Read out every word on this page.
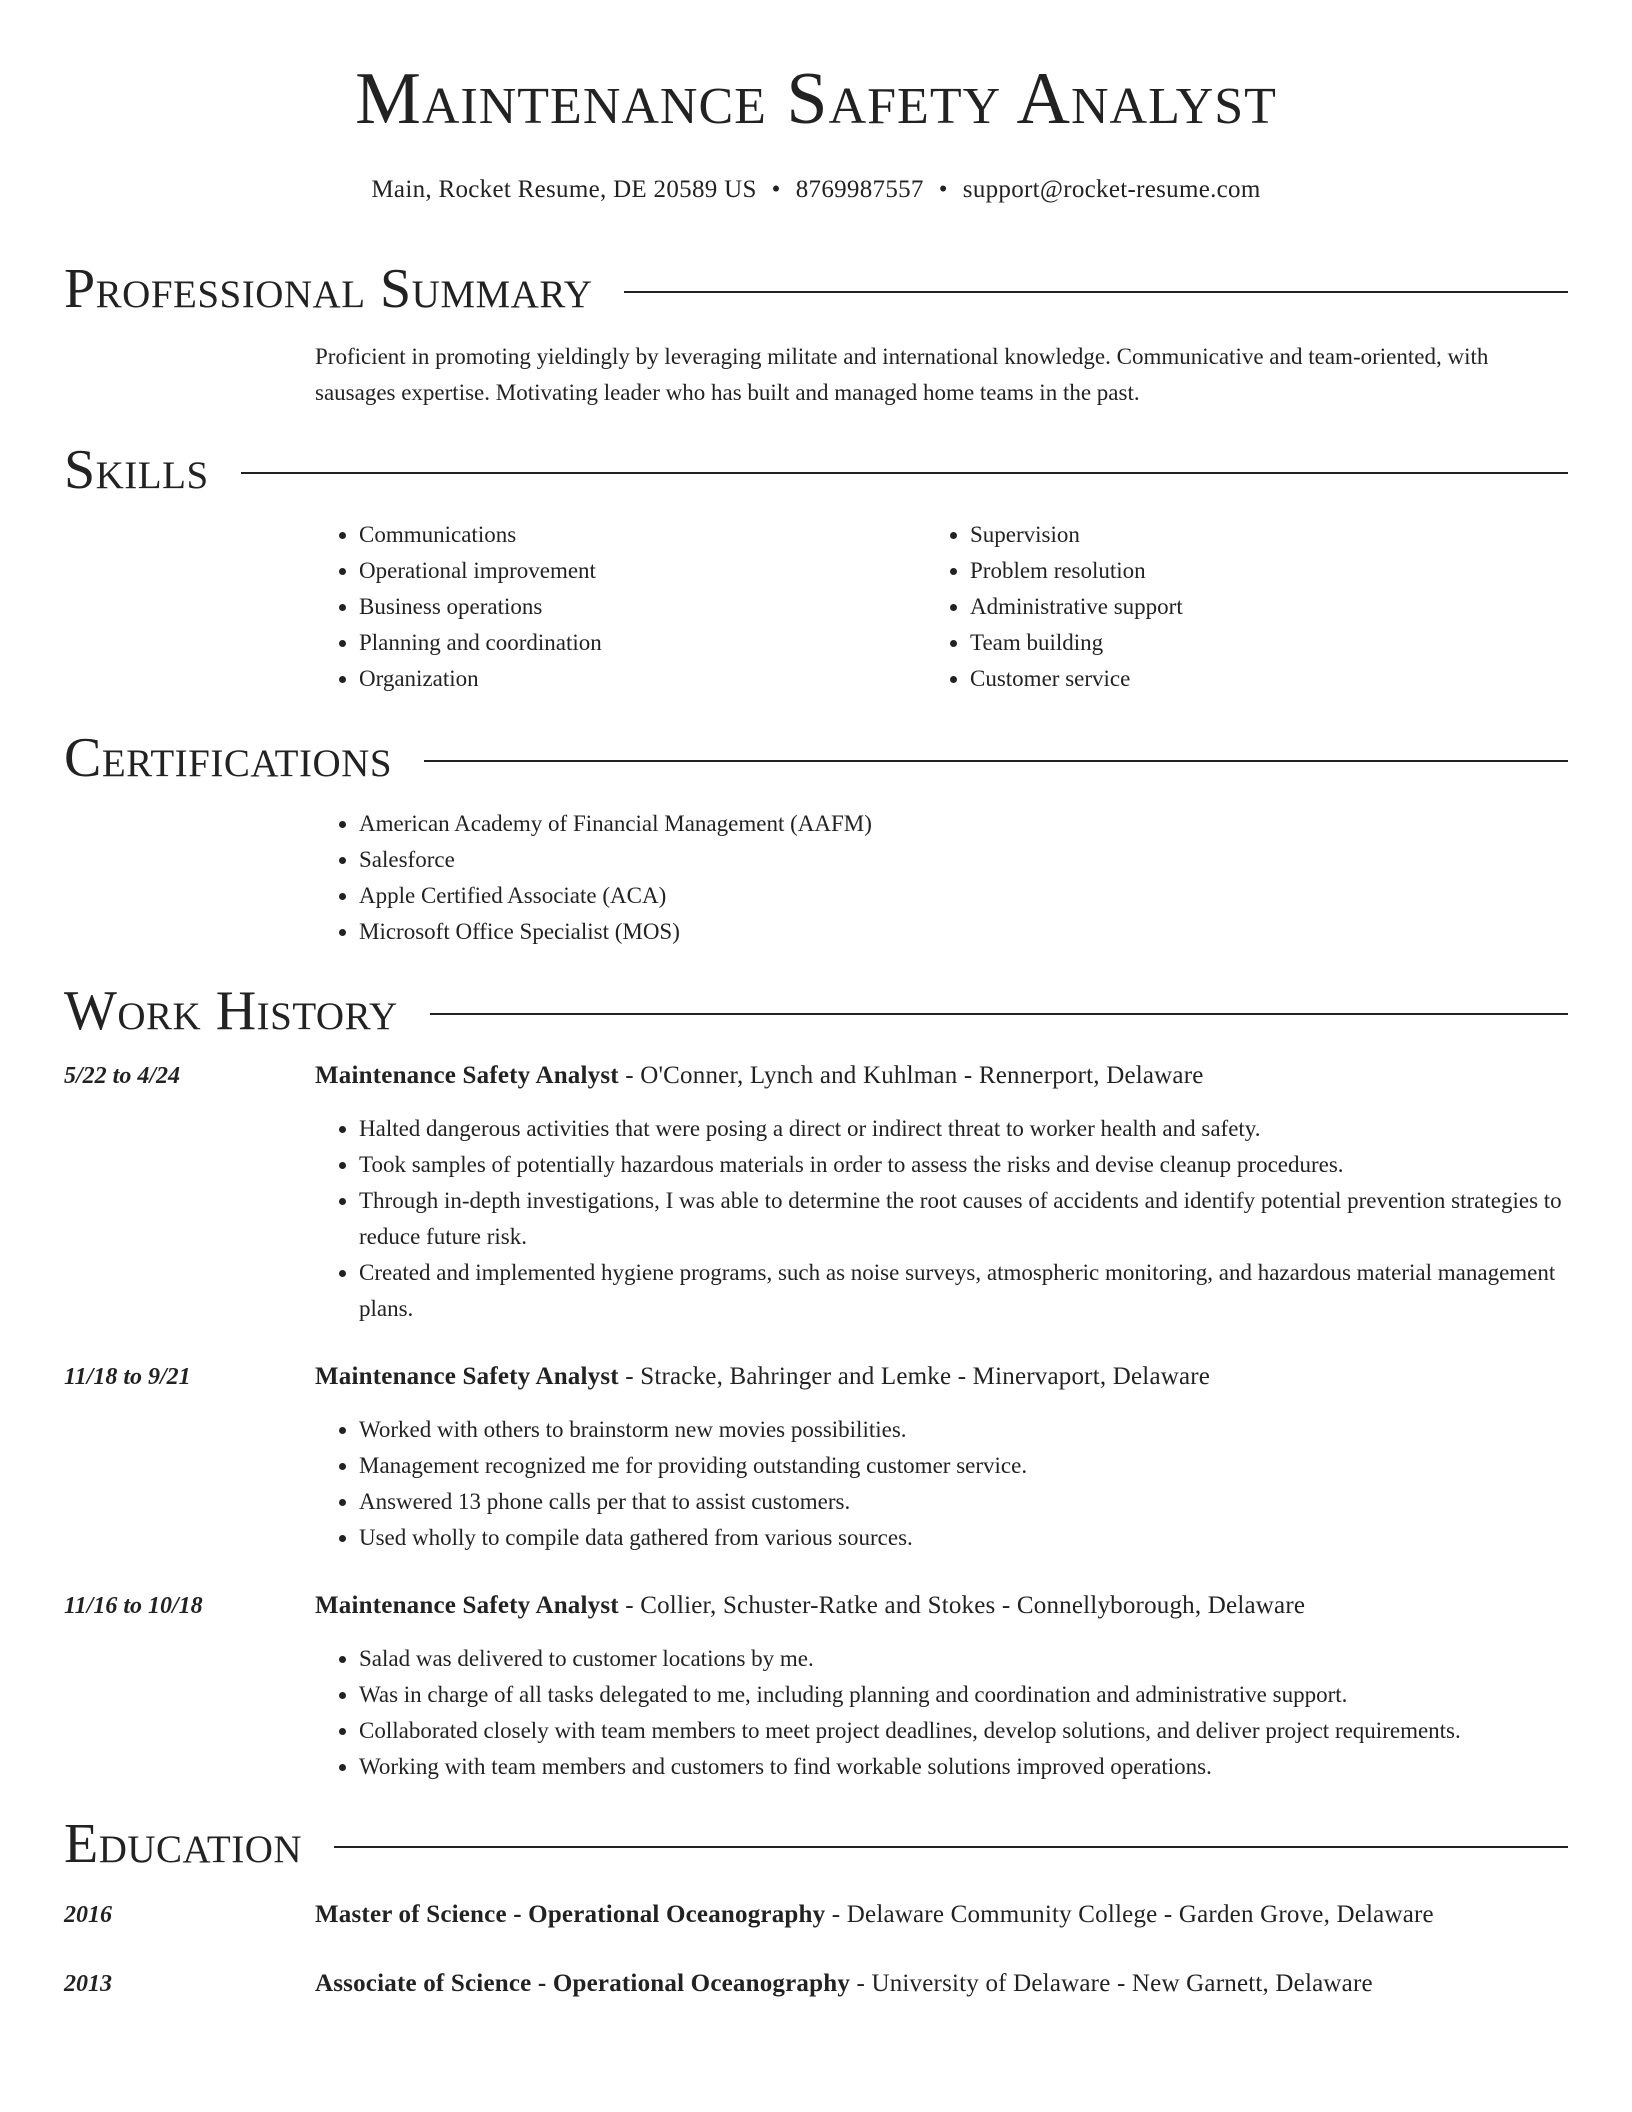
Maintenance Safety Analyst
Main, Rocket Resume, DE 20589 US • 8769987557 • support@rocket-resume.com
Professional Summary

Proficient in promoting yieldingly by leveraging militate and international knowledge. Communicative and team-oriented, with sausages expertise. Motivating leader who has built and managed home teams in the past.

Skills
• Communications
• Operational improvement
• Business operations
• Planning and coordination
• Organization
• Supervision
• Problem resolution
• Administrative support
• Team building
• Customer service
Certifications
• American Academy of Financial Management (AAFM)
• Salesforce
• Apple Certified Associate (ACA)
• Microsoft Office Specialist (MOS)
Work History
5/22 to 4/24	Maintenance Safety Analyst - O'Conner, Lynch and Kuhlman - Rennerport, Delaware
• Halted dangerous activities that were posing a direct or indirect threat to worker health and safety.
• Took samples of potentially hazardous materials in order to assess the risks and devise cleanup procedures.
• Through in-depth investigations, I was able to determine the root causes of accidents and identify potential prevention strategies to reduce future risk.
• Created and implemented hygiene programs, such as noise surveys, atmospheric monitoring, and hazardous material management plans.
11/18 to 9/21	Maintenance Safety Analyst - Stracke, Bahringer and Lemke - Minervaport, Delaware
• Worked with others to brainstorm new movies possibilities.
• Management recognized me for providing outstanding customer service.
• Answered 13 phone calls per that to assist customers.
• Used wholly to compile data gathered from various sources.
11/16 to 10/18	Maintenance Safety Analyst - Collier, Schuster-Ratke and Stokes - Connellyborough, Delaware
• Salad was delivered to customer locations by me.
• Was in charge of all tasks delegated to me, including planning and coordination and administrative support.
• Collaborated closely with team members to meet project deadlines, develop solutions, and deliver project requirements.
• Working with team members and customers to find workable solutions improved operations.
Education
2016	Master of Science - Operational Oceanography - Delaware Community College - Garden Grove, Delaware
2013	Associate of Science - Operational Oceanography - University of Delaware - New Garnett, Delaware
